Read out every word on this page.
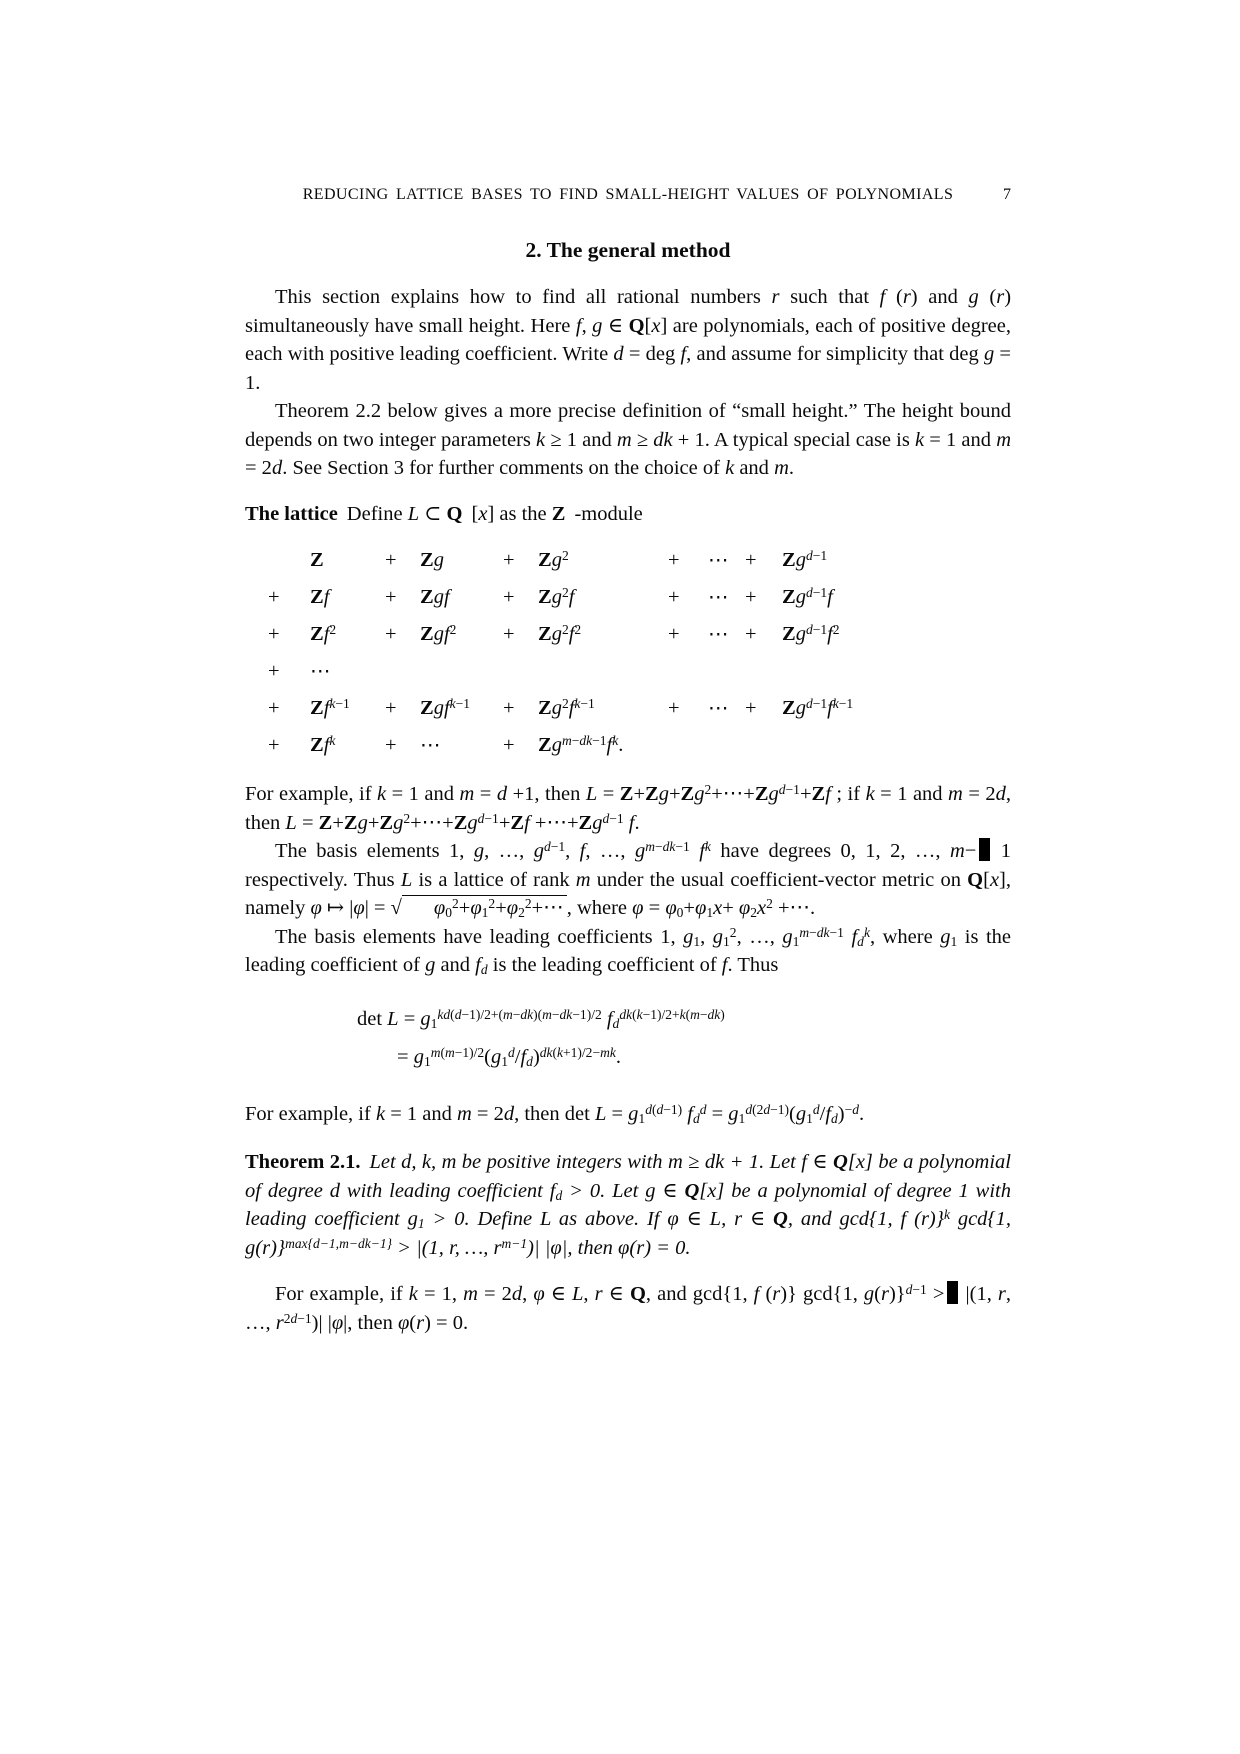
REDUCING LATTICE BASES TO FIND SMALL-HEIGHT VALUES OF POLYNOMIALS	7
2. The general method

This section explains how to find all rational numbers r such that f (r) and g (r) simultaneously have small height. Here f, g ∈ Q[x] are polynomials, each of positive degree, each with positive leading coefficient. Write d = deg f, and assume for simplicity that deg g = 1.

Theorem 2.2 below gives a more precise definition of “small height.” The height bound depends on two integer parameters k ≥ 1 and m ≥ dk + 1. A typical special case is k = 1 and m = 2d. See Section 3 for further comments on the choice of k and m.

The lattice Define L ⊂ Q [x] as the Z -module

Z	+	Zg	+	$Zg^2$	+	⋯ +	$Zg^{d-1}$
+	Zf	+	Zgf	+	$Zg^2f$	+	⋯ +	$Zg^{d-1}f$
+	$Zf^2$	+	Zgf$^2$	+	$Zg^2f^2$	+	⋯ +	$Zg^{d-1}f^2$
+	⋯
+	$Zf^{k-1}$	+	Zgf$^{k-1}$	+	$Zg^2f^{k-1}$	+	⋯ +	$Zg^{d-1}f^{k-1}$
+	$Zf^k$	+	⋯	+	$Zg^{m-dk-1}f^k$.

For example, if k = 1 and m = d +1, then $L = Z+Zg+Zg^2+\cdots+Zg^{d-1}+Zf$ ; if k = 1 and m = 2d, then $L = Z+Zg+Zg^2+\cdots+Zg^{d-1}+Zf$ $+\cdots+Zg^{d-1}$ f.

The basis elements 1, g, …, $g^{d-1}$, f, …, $g^{m-dk-1}$ $f^k$ have degrees 0, 1, 2, …, m− 1 respectively. Thus L is a lattice of rank m under the usual coefficient-vector metric on Q[x], namely φ ↦ |φ| = √ $\varphi_0^2+\varphi_1^2+\varphi_2^2+\cdots$ , where $\varphi = \varphi_0+\varphi_1x+ \varphi_2x^2$ +⋯.

The basis elements have leading coefficients 1, $g_1$, $g_1^2$, …, $g_1^{m-dk-1}$ $f_d^k$, where $g_1$ is the leading coefficient of g and $f_d$ is the leading coefficient of f. Thus

$\det L = g_1^{kd(d-1)/2+(m-dk)(m-dk-1)/2}$ $f_d^{dk(k-1)/2+k(m-dk)}$
= $g_1^{m(m-1)/2}(g_1^d/f_d)^{dk(k+1)/2-mk}$.

For example, if k = 1 and m = 2d, then $\det L = g_1^{d(d-1)}$ $f_d^d = g_1^{d(2d-1)}(g_1^d/f_d)^{-d}$.

Theorem 2.1. Let d, k, m be positive integers with m ≥ dk + 1. Let f ∈ Q[x] be a polynomial of degree d with leading coefficient $f_d > 0$. Let g ∈ Q[x] be a polynomial of degree 1 with leading coefficient $g_1 > 0$. Define L as above. If φ ∈ L, r ∈ Q, and gcd{1, f (r)}$^k$ gcd{1, g(r)}$^{max\{d-1,m-dk-1\}}$ > |(1, r, …, $r^{m-1})|$ |φ|, then φ(r) = 0.

For example, if k = 1, m = 2d, φ ∈ L, r ∈ Q, and gcd{1, f (r)} gcd{1, g(r)}$^{d-1}$ > |(1, r, …, $r^{2d-1})|$ |φ|, then φ(r) = 0.
